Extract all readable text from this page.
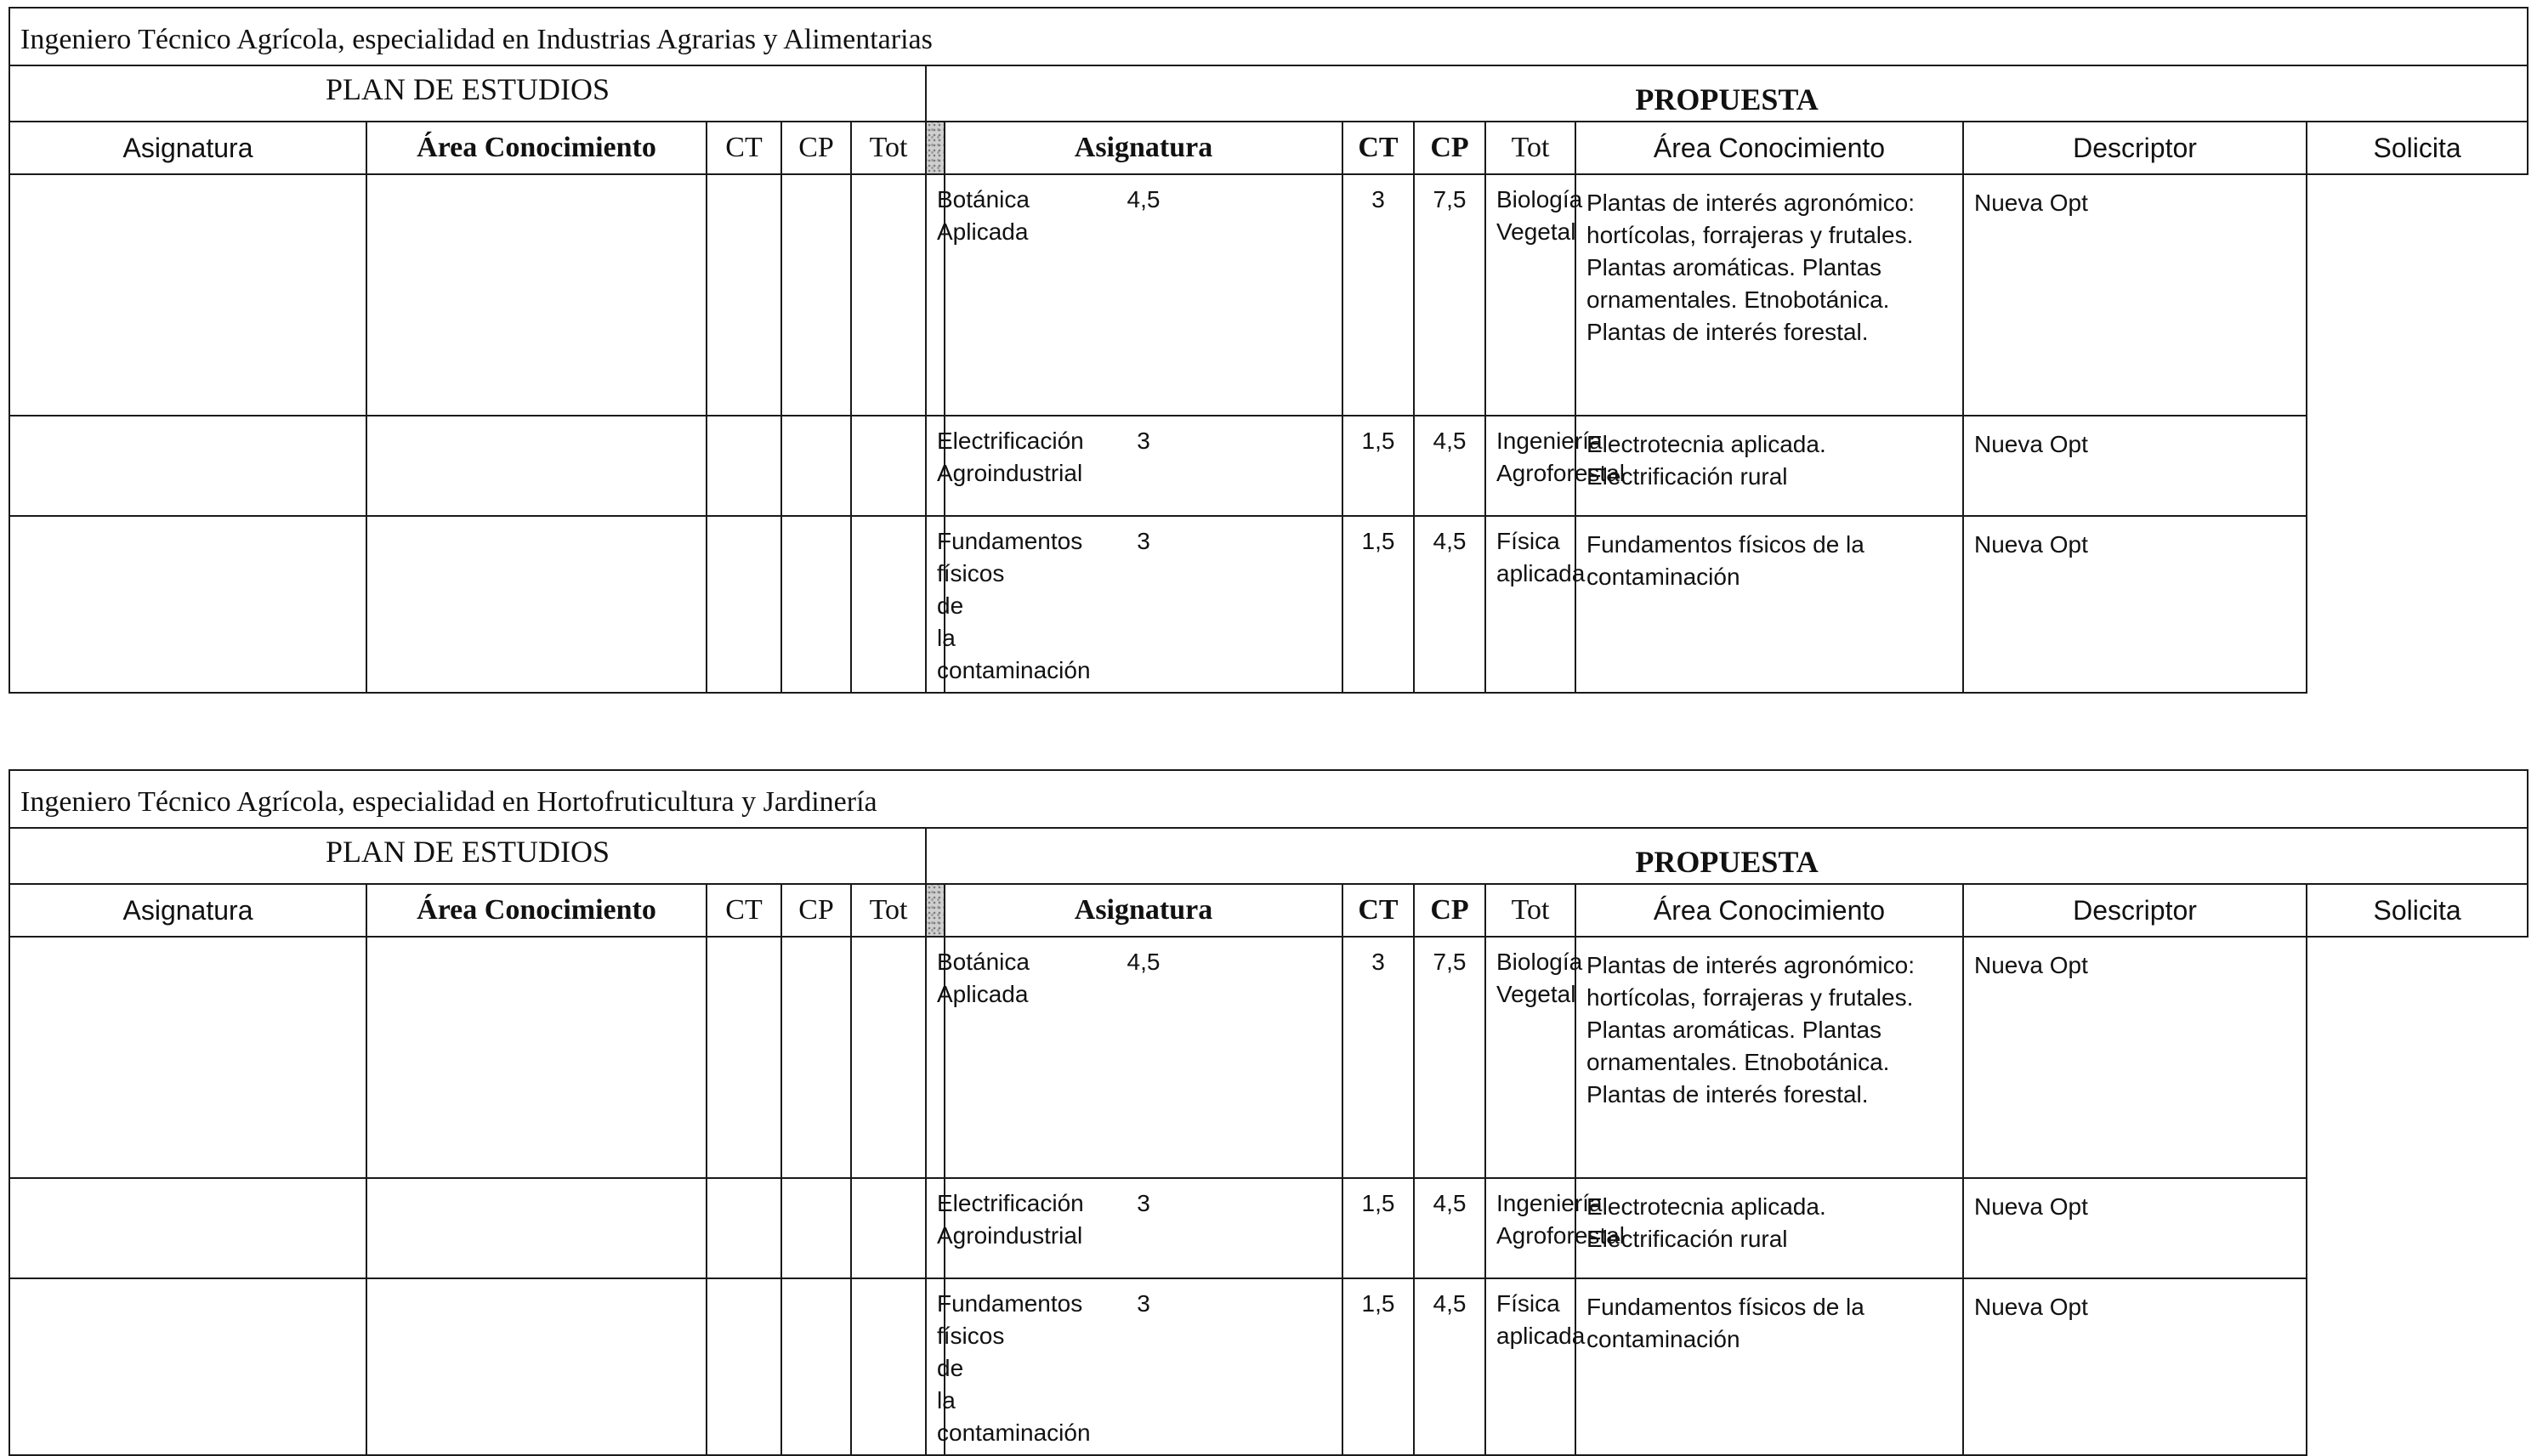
Ingeniero Técnico Agrícola, especialidad en Industrias Agrarias y Alimentarias												
PLAN DE ESTUDIOS					PROPUESTA							
Asignatura	Área Conocimiento	CT	CP	Tot		Asignatura	CT	CP	Tot	Área Conocimiento	Descriptor	Solicita
					Botánica Aplicada	4,5	3	7,5	Biología Vegetal	Plantas de interés agronómico: hortícolas, forrajeras y frutales. Plantas aromáticas. Plantas ornamentales. Etnobotánica. Plantas de interés forestal.	Nueva Opt	
					Electrificación Agroindustrial	3	1,5	4,5	Ingeniería Agroforestal	Electrotecnia aplicada. Electrificación rural	Nueva Opt	
					Fundamentos físicos de la contaminación	3	1,5	4,5	Física aplicada	Fundamentos físicos de la contaminación	Nueva Opt	
Ingeniero Técnico Agrícola, especialidad en Hortofruticultura y Jardinería												
PLAN DE ESTUDIOS					PROPUESTA							
Asignatura	Área Conocimiento	CT	CP	Tot		Asignatura	CT	CP	Tot	Área Conocimiento	Descriptor	Solicita
					Botánica Aplicada	4,5	3	7,5	Biología Vegetal	Plantas de interés agronómico: hortícolas, forrajeras y frutales. Plantas aromáticas. Plantas ornamentales. Etnobotánica. Plantas de interés forestal.	Nueva Opt	
					Electrificación Agroindustrial	3	1,5	4,5	Ingeniería Agroforestal	Electrotecnia aplicada. Electrificación rural	Nueva Opt	
					Fundamentos físicos de la contaminación	3	1,5	4,5	Física aplicada	Fundamentos físicos de la contaminación	Nueva Opt	
